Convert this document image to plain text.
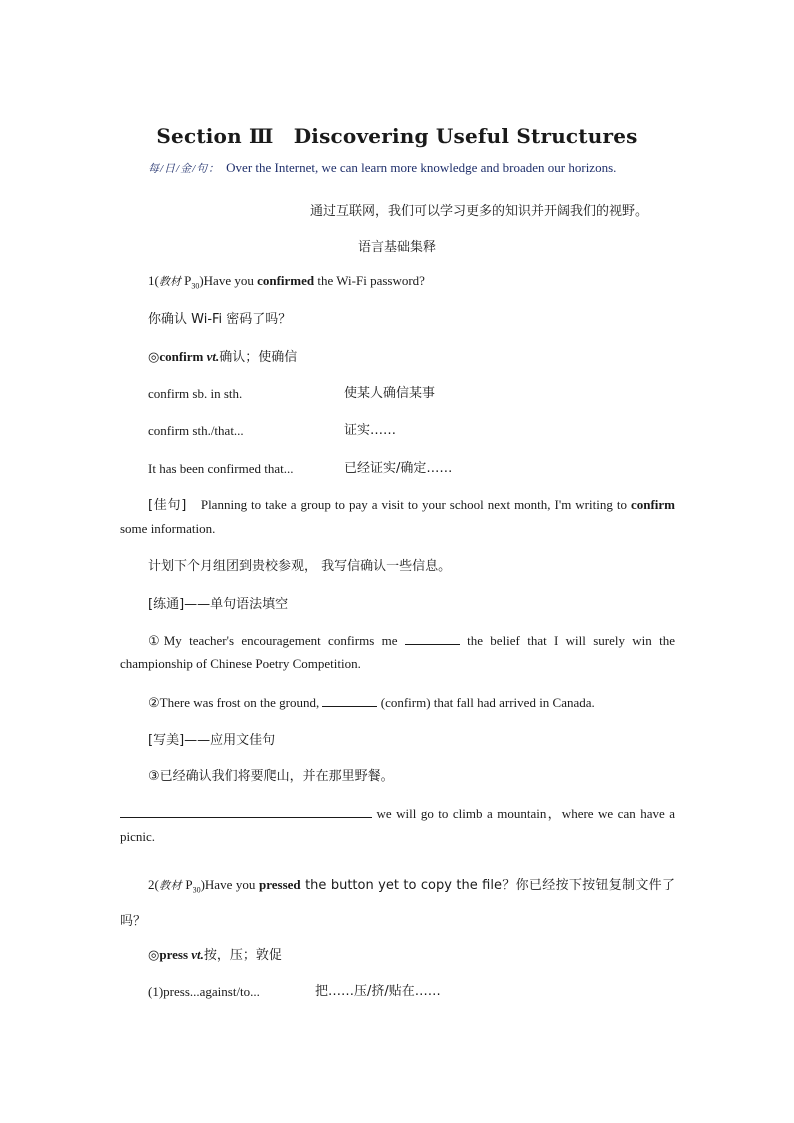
Section Ⅲ　Discovering Useful Structures
每/日/金/句： Over the Internet, we can learn more knowledge and broaden our horizons.
通过互联网，我们可以学习更多的知识并开阔我们的视野。
语言基础集释
1(教材 $P_{30})Have$ you confirmed the Wi-Fi password?
你确认 Wi-Fi 密码了吗？
◎confirm vt.确认；使确信
confirm sb. in sth.	使某人确信某事
confirm sth./that...	证实……
It has been confirmed that...	已经证实/确定……
[佳句]　 Planning to take a group to pay a visit to your school next month, I'm writing to confirm some information.
计划下个月组团到贵校参观， 我写信确认一些信息。
[练通]——单句语法填空
①My teacher's encouragement confirms me	the belief that I will surely win the championship of Chinese Poetry Competition.
②There was frost on the ground,	(confirm) that fall had arrived in Canada.
[写美]——应用文佳句
③已经确认我们将要爬山，并在那里野餐。
we will go to climb a mountain，where we can have a picnic.
2(教材 $P_{30})Have$ you pressed the button yet to copy the file？你已经按下按钮复制文件了吗？
◎press vt.按，压；敦促
(1)press...against/to...	把……压/挤/贴在……
